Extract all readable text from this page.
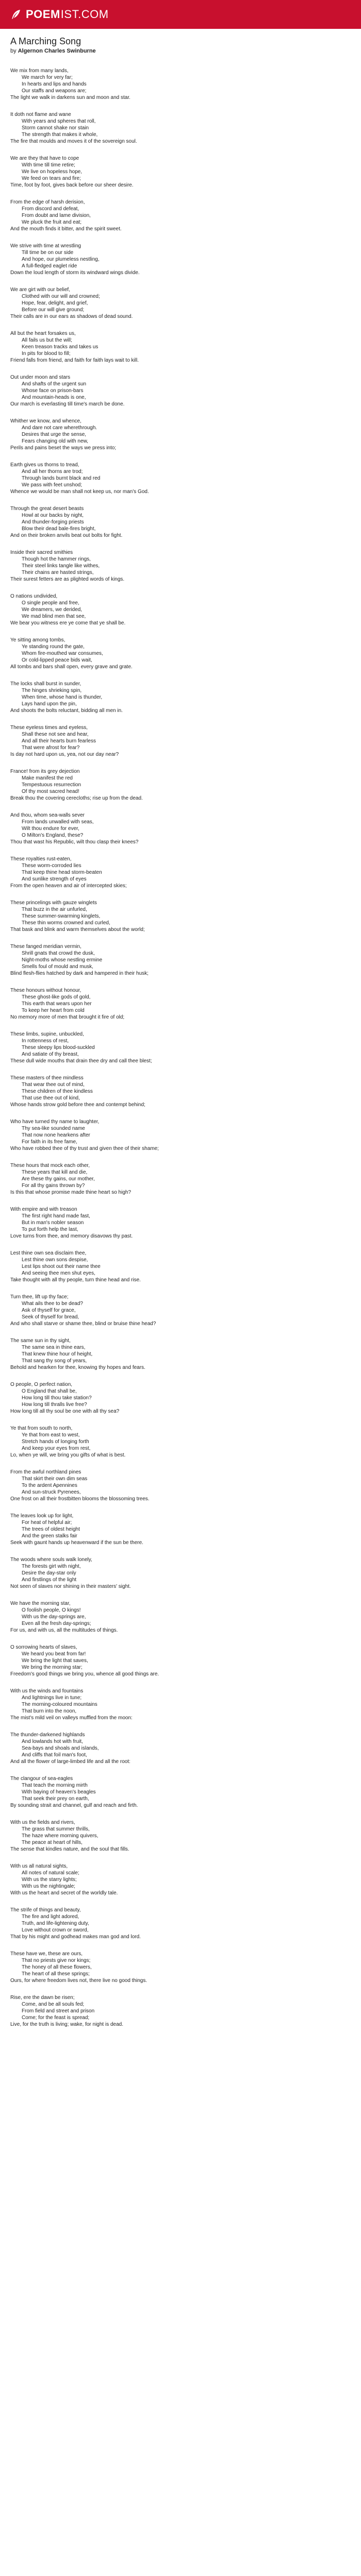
POEM IST.COM
A Marching Song
by Algernon Charles Swinburne
We mix from many lands,
We march for very far;
In hearts and lips and hands
Our staffs and weapons are;
The light we walk in darkens sun and moon and star.
It doth not flame and wane
With years and spheres that roll,
Storm cannot shake nor stain
The strength that makes it whole,
The fire that moulds and moves it of the sovereign soul.
We are they that have to cope
With time till time retire;
We live on hopeless hope,
We feed on tears and fire;
Time, foot by foot, gives back before our sheer desire.
From the edge of harsh derision,
From discord and defeat,
From doubt and lame division,
We pluck the fruit and eat;
And the mouth finds it bitter, and the spirit sweet.
We strive with time at wrestling
Till time be on our side
And hope, our plumeless nestling,
A full-fledged eaglet ride
Down the loud length of storm its windward wings divide.
We are girt with our belief,
Clothed with our will and crowned;
Hope, fear, delight, and grief,
Before our will give ground;
Their calls are in our ears as shadows of dead sound.
All but the heart forsakes us,
All fails us but the will;
Keen treason tracks and takes us
In pits for blood to fill;
Friend falls from friend, and faith for faith lays wait to kill.
Out under moon and stars
And shafts of the urgent sun
Whose face on prison-bars
And mountain-heads is one,
Our march is everlasting till time's march be done.
Whither we know, and whence,
And dare not care wherethrough.
Desires that urge the sense,
Fears changing old with new,
Perils and pains beset the ways we press into;
Earth gives us thorns to tread,
And all her thorns are trod;
Through lands burnt black and red
We pass with feet unshod;
Whence we would be man shall not keep us, nor man's God.
Through the great desert beasts
Howl at our backs by night,
And thunder-forging priests
Blow their dead bale-fires bright,
And on their broken anvils beat out bolts for fight.
Inside their sacred smithies
Though hot the hammer rings,
Their steel links tangle like withes,
Their chains are hasted strings,
Their surest fetters are as plighted words of kings.
O nations undivided,
O single people and free,
We dreamers, we derided,
We mad blind men that see,
We bear you witness ere ye come that ye shall be.
Ye sitting among tombs,
Ye standing round the gate,
Whom fire-mouthed war consumes,
Or cold-lipped peace bids wait,
All tombs and bars shall open, every grave and grate.
The locks shall burst in sunder,
The hinges shrieking spin,
When time, whose hand is thunder,
Lays hand upon the pin,
And shoots the bolts reluctant, bidding all men in.
These eyeless times and eyeless,
Shall these not see and hear,
And all their hearts burn fearless
That were afrost for fear?
Is day not hard upon us, yea, not our day near?
France! from its grey dejection
Make manifest the red
Tempestuous resurrection
Of thy most sacred head!
Break thou the covering cerecloths; rise up from the dead.
And thou, whom sea-walls sever
From lands unwalled with seas,
Wilt thou endure for ever,
O Milton's England, these?
Thou that wast his Republic, wilt thou clasp their knees?
These royalties rust-eaten,
These worm-corroded lies
That keep thine head storm-beaten
And sunlike strength of eyes
From the open heaven and air of intercepted skies;
These princelings with gauze winglets
That buzz in the air unfurled,
These summer-swarming kinglets,
These thin worms crowned and curled,
That bask and blink and warm themselves about the world;
These fanged meridian vermin,
Shrill gnats that crowd the dusk,
Night-moths whose nestling ermine
Smells foul of mould and musk,
Blind flesh-flies hatched by dark and hampered in their husk;
These honours without honour,
These ghost-like gods of gold,
This earth that wears upon her
To keep her heart from cold
No memory more of men that brought it fire of old;
These limbs, supine, unbuckled,
In rottenness of rest,
These sleepy lips blood-suckled
And satiate of thy breast,
These dull wide mouths that drain thee dry and call thee blest;
These masters of thee mindless
That wear thee out of mind,
These children of thee kindless
That use thee out of kind,
Whose hands strow gold before thee and contempt behind;
Who have turned thy name to laughter,
Thy sea-like sounded name
That now none hearkens after
For faith in its free fame,
Who have robbed thee of thy trust and given thee of their shame;
These hours that mock each other,
These years that kill and die,
Are these thy gains, our mother,
For all thy gains thrown by?
Is this that whose promise made thine heart so high?
With empire and with treason
The first right hand made fast,
But in man's nobler season
To put forth help the last,
Love turns from thee, and memory disavows thy past.
Lest thine own sea disclaim thee,
Lest thine own sons despise,
Lest lips shoot out their name thee
And seeing thee men shut eyes,
Take thought with all thy people, turn thine head and rise.
Turn thee, lift up thy face;
What ails thee to be dead?
Ask of thyself for grace,
Seek of thyself for bread,
And who shall starve or shame thee, blind or bruise thine head?
The same sun in thy sight,
The same sea in thine ears,
That knew thine hour of height,
That sang thy song of years,
Behold and hearken for thee, knowing thy hopes and fears.
O people, O perfect nation,
O England that shall be,
How long till thou take station?
How long till thralls live free?
How long till all thy soul be one with all thy sea?
Ye that from south to north,
Ye that from east to west,
Stretch hands of longing forth
And keep your eyes from rest,
Lo, when ye will, we bring you gifts of what is best.
From the awful northland pines
That skirt their own dim seas
To the ardent Apennines
And sun-struck Pyrenees,
One frost on all their frostbitten blooms the blossoming trees.
The leaves look up for light,
For heat of helpful air;
The trees of oldest height
And the green stalks fair
Seek with gaunt hands up heavenward if the sun be there.
The woods where souls walk lonely,
The forests girt with night,
Desire the day-star only
And firstlings of the light
Not seen of slaves nor shining in their masters' sight.
We have the morning star,
O foolish people, O kings!
With us the day-springs are,
Even all the fresh day-springs;
For us, and with us, all the multitudes of things.
O sorrowing hearts of slaves,
We heard you beat from far!
We bring the light that saves,
We bring the morning star;
Freedom's good things we bring you, whence all good things are.
With us the winds and fountains
And lightnings live in tune;
The morning-coloured mountains
That burn into the noon,
The mist's mild veil on valleys muffled from the moon:
The thunder-darkened highlands
And lowlands hot with fruit,
Sea-bays and shoals and islands,
And cliffs that foil man's foot,
And all the flower of large-limbed life and all the root:
The clangour of sea-eagles
That teach the morning mirth
With baying of heaven's beagles
That seek their prey on earth,
By sounding strait and channel, gulf and reach and firth.
With us the fields and rivers,
The grass that summer thrills,
The haze where morning quivers,
The peace at heart of hills,
The sense that kindles nature, and the soul that fills.
With us all natural sights,
All notes of natural scale;
With us the starry lights;
With us the nightingale;
With us the heart and secret of the worldly tale.
The strife of things and beauty,
The fire and light adored,
Truth, and life-lightening duty,
Love without crown or sword,
That by his might and godhead makes man god and lord.
These have we, these are ours,
That no priests give nor kings;
The honey of all these flowers,
The heart of all these springs;
Ours, for where freedom lives not, there live no good things.
Rise, ere the dawn be risen;
Come, and be all souls fed;
From field and street and prison
Come; for the feast is spread;
Live, for the truth is living; wake, for night is dead.
